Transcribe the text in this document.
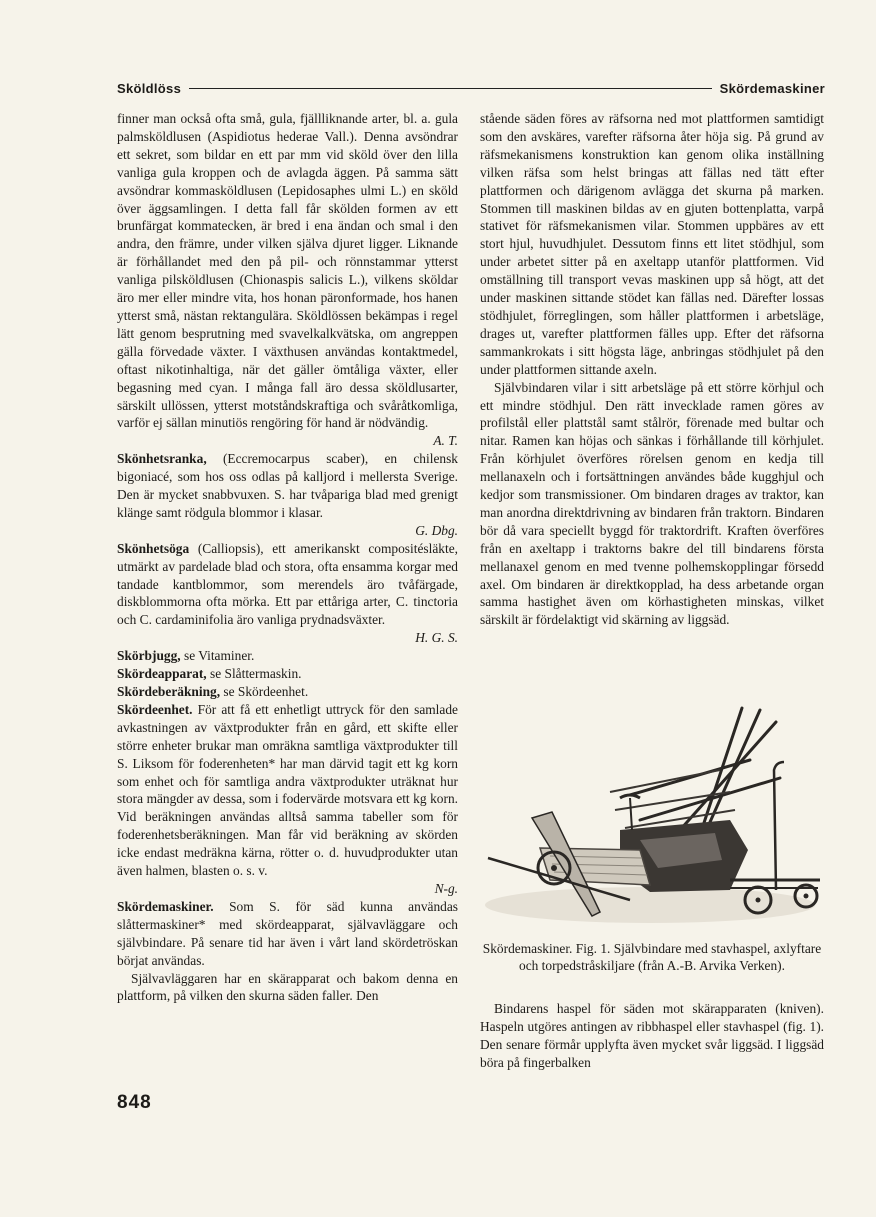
Sköldlöss	Skördemaskiner

finner man också ofta små, gula, fjällliknande arter, bl. a. gula palmsköldlusen (Aspidiotus hederae Vall.). Denna avsöndrar ett sekret, som bildar en ett par mm vid sköld över den lilla vanliga gula kroppen och de avlagda äggen. På samma sätt avsöndrar kommasköldlusen (Lepidosaphes ulmi L.) en sköld över äggsamlingen. I detta fall får skölden formen av ett brunfärgat kommatecken, är bred i ena ändan och smal i den andra, den främre, under vilken själva djuret ligger. Liknande är förhållandet med den på pil- och rönnstammar ytterst vanliga pilsköldlusen (Chionaspis salicis L.), vilkens sköldar äro mer eller mindre vita, hos honan päronformade, hos hanen ytterst små, nästan rektangulära. Sköldlössen bekämpas i regel lätt genom besprutning med svavelkalkvätska, om angreppen gälla förvedade växter. I växthusen användas kontaktmedel, oftast nikotinhaltiga, när det gäller ömtåliga växter, eller begasning med cyan. I många fall äro dessa sköldlusarter, särskilt ullössen, ytterst motståndskraftiga och svåråtkomliga, varför ej sällan minutiös rengöring för hand är nödvändig.

A. T.

Skönhetsranka, (Eccremocarpus scaber), en chilensk bigoniacé, som hos oss odlas på kalljord i mellersta Sverige. Den är mycket snabbvuxen. S. har tvåpariga blad med grenigt klänge samt rödgula blommor i klasar.

G. Dbg.

Skönhetsöga (Calliopsis), ett amerikanskt compositésläkte, utmärkt av pardelade blad och stora, ofta ensamma korgar med tandade kantblommor, som merendels äro tvåfärgade, diskblommorna ofta mörka. Ett par ettåriga arter, C. tinctoria och C. cardaminifolia äro vanliga prydnadsväxter.

H. G. S.

Skörbjugg, se Vitaminer.

Skördeapparat, se Slåttermaskin.

Skördeberäkning, se Skördeenhet.

Skördeenhet. För att få ett enhetligt uttryck för den samlade avkastningen av växtprodukter från en gård, ett skifte eller större enheter brukar man omräkna samtliga växtprodukter till S. Liksom för foderenheten* har man därvid tagit ett kg korn som enhet och för samtliga andra växtprodukter uträknat hur stora mängder av dessa, som i fodervärde motsvara ett kg korn. Vid beräkningen användas alltså samma tabeller som för foderenhetsberäkningen. Man får vid beräkning av skörden icke endast medräkna kärna, rötter o. d. huvudprodukter utan även halmen, blasten o. s. v.

N-g.

Skördemaskiner. Som S. för säd kunna användas slåttermaskiner* med skördeapparat, självavläggare och självbindare. På senare tid har även i vårt land skördetröskan börjat användas.

Självavläggaren har en skärapparat och bakom denna en plattform, på vilken den skurna säden faller. Den

stående säden föres av räfsorna ned mot plattformen samtidigt som den avskäres, varefter räfsorna åter höja sig. På grund av räfsmekanismens konstruktion kan genom olika inställning vilken räfsa som helst bringas att fällas ned tätt efter plattformen och därigenom avlägga det skurna på marken. Stommen till maskinen bildas av en gjuten bottenplatta, varpå stativet för räfsmekanismen vilar. Stommen uppbäres av ett stort hjul, huvudhjulet. Dessutom finns ett litet stödhjul, som under arbetet sitter på en axeltapp utanför plattformen. Vid omställning till transport vevas maskinen upp så högt, att det under maskinen sittande stödet kan fällas ned. Därefter lossas stödhjulet, förreglingen, som håller plattformen i arbetsläge, drages ut, varefter plattformen fälles upp. Efter det räfsorna sammankrokats i sitt högsta läge, anbringas stödhjulet på den under plattformen sittande axeln.

Självbindaren vilar i sitt arbetsläge på ett större körhjul och ett mindre stödhjul. Den rätt invecklade ramen göres av profilstål eller plattstål samt stålrör, förenade med bultar och nitar. Ramen kan höjas och sänkas i förhållande till körhjulet. Från körhjulet överföres rörelsen genom en kedja till mellanaxeln och i fortsättningen användes både kugghjul och kedjor som transmissioner. Om bindaren drages av traktor, kan man anordna direktdrivning av bindaren från traktorn. Bindaren bör då vara speciellt byggd för traktordrift. Kraften överföres från en axeltapp i traktorns bakre del till bindarens första mellanaxel genom en med tvenne polhemskopplingar försedd axel. Om bindaren är direktkopplad, ha dess arbetande organ samma hastighet även om körhastigheten minskas, vilket särskilt är fördelaktigt vid skärning av liggsäd.

Skördemaskiner. Fig. 1. Självbindare med stavhaspel, axlyftare och torpedstråskiljare (från A.-B. Arvika Verken).

Bindarens haspel för säden mot skärapparaten (kniven). Haspeln utgöres antingen av ribbhaspel eller stavhaspel (fig. 1). Den senare förmår upplyfta även mycket svår liggsäd. I liggsäd böra på fingerbalken

848
